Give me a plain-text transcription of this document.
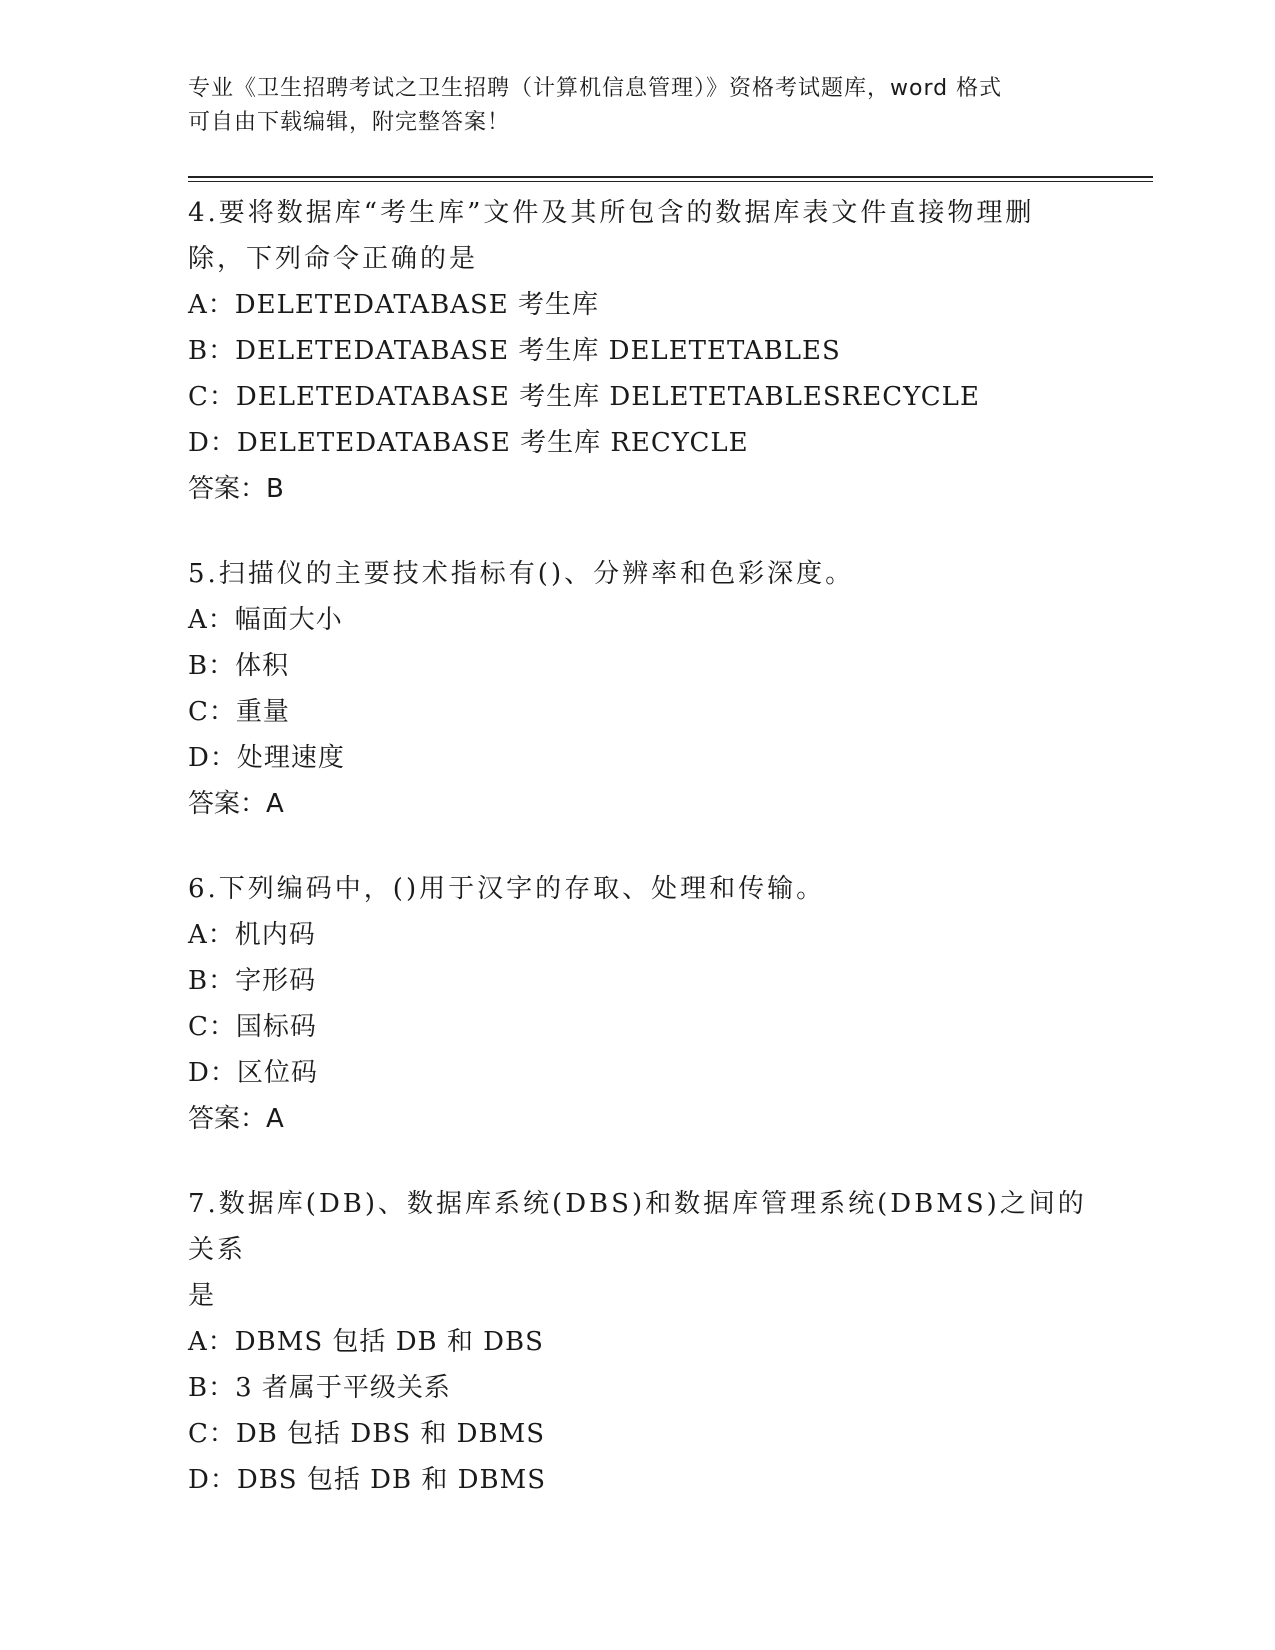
专业《卫生招聘考试之卫生招聘（计算机信息管理）》资格考试题库，word 格式
可自由下载编辑，附完整答案！

4.要将数据库“考生库”文件及其所包含的数据库表文件直接物理删

除，下列命令正确的是

A：DELETEDATABASE 考生库

B：DELETEDATABASE 考生库 DELETETABLES

C：DELETEDATABASE 考生库 DELETETABLESRECYCLE

D：DELETEDATABASE 考生库 RECYCLE

答案：B

5.扫描仪的主要技术指标有()、分辨率和色彩深度。

A：幅面大小

B：体积

C：重量

D：处理速度

答案：A

6.下列编码中，()用于汉字的存取、处理和传输。

A：机内码

B：字形码

C：国标码

D：区位码

答案：A

7.数据库(DB)、数据库系统(DBS)和数据库管理系统(DBMS)之间的关系

是

A：DBMS 包括 DB 和 DBS

B：3 者属于平级关系

C：DB 包括 DBS 和 DBMS

D：DBS 包括 DB 和 DBMS
